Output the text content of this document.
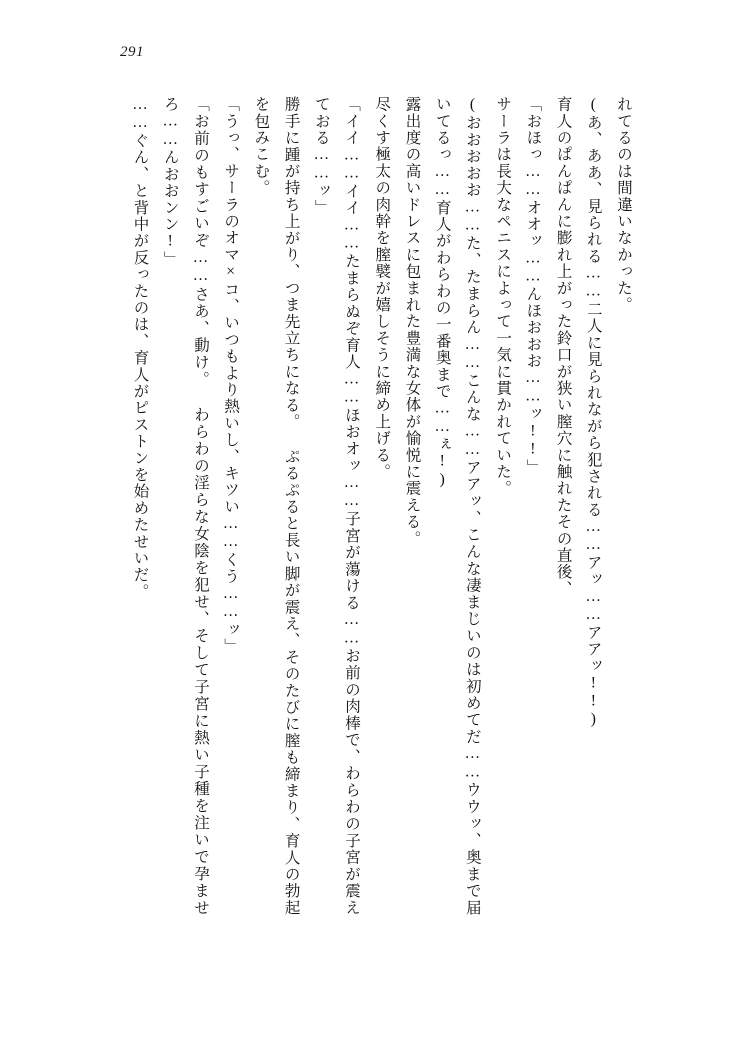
291

れてるのは間違いなかった。

(あ、ああ、見られる……二人に見られながら犯される……アッ……アアッ!!)

育人のぱんぱんに膨れ上がった鈴口が狭い膣穴に触れたその直後、

「おほっ……オオッ……んほおおお……ッ!!」

サーラは長大なペニスによって一気に貫かれていた。

(おおおおお……た、たまらん……こんな……アアッ、こんな凄まじいのは初めてだ……ウウッ、奥まで届いてるっ……育人がわらわの一番奥まで……ぇ!)

露出度の高いドレスに包まれた豊満な女体が愉悦に震える。

尽くす極太の肉幹を膣襞が嬉しそうに締め上げる。

「イイ……イイ……たまらぬぞ育人……ほおオッ……子宮が蕩ける……お前の肉棒で、わらわの子宮が震えておる……ッ」

勝手に踵が持ち上がり、つま先立ちになる。 ぷるぷると長い脚が震え、そのたびに膣も締まり、育人の勃起を包みこむ。

「うっ、サーラのオマ×コ、いつもより熱いし、キツい……くう……ッ」

「お前のもすごいぞ……さあ、動け。 わらわの淫らな女陰を犯せ、そして子宮に熱い子種を注いで孕ませろ……んおおンン!」

……ぐん、と背中が反ったのは、育人がピストンを始めたせいだ。
